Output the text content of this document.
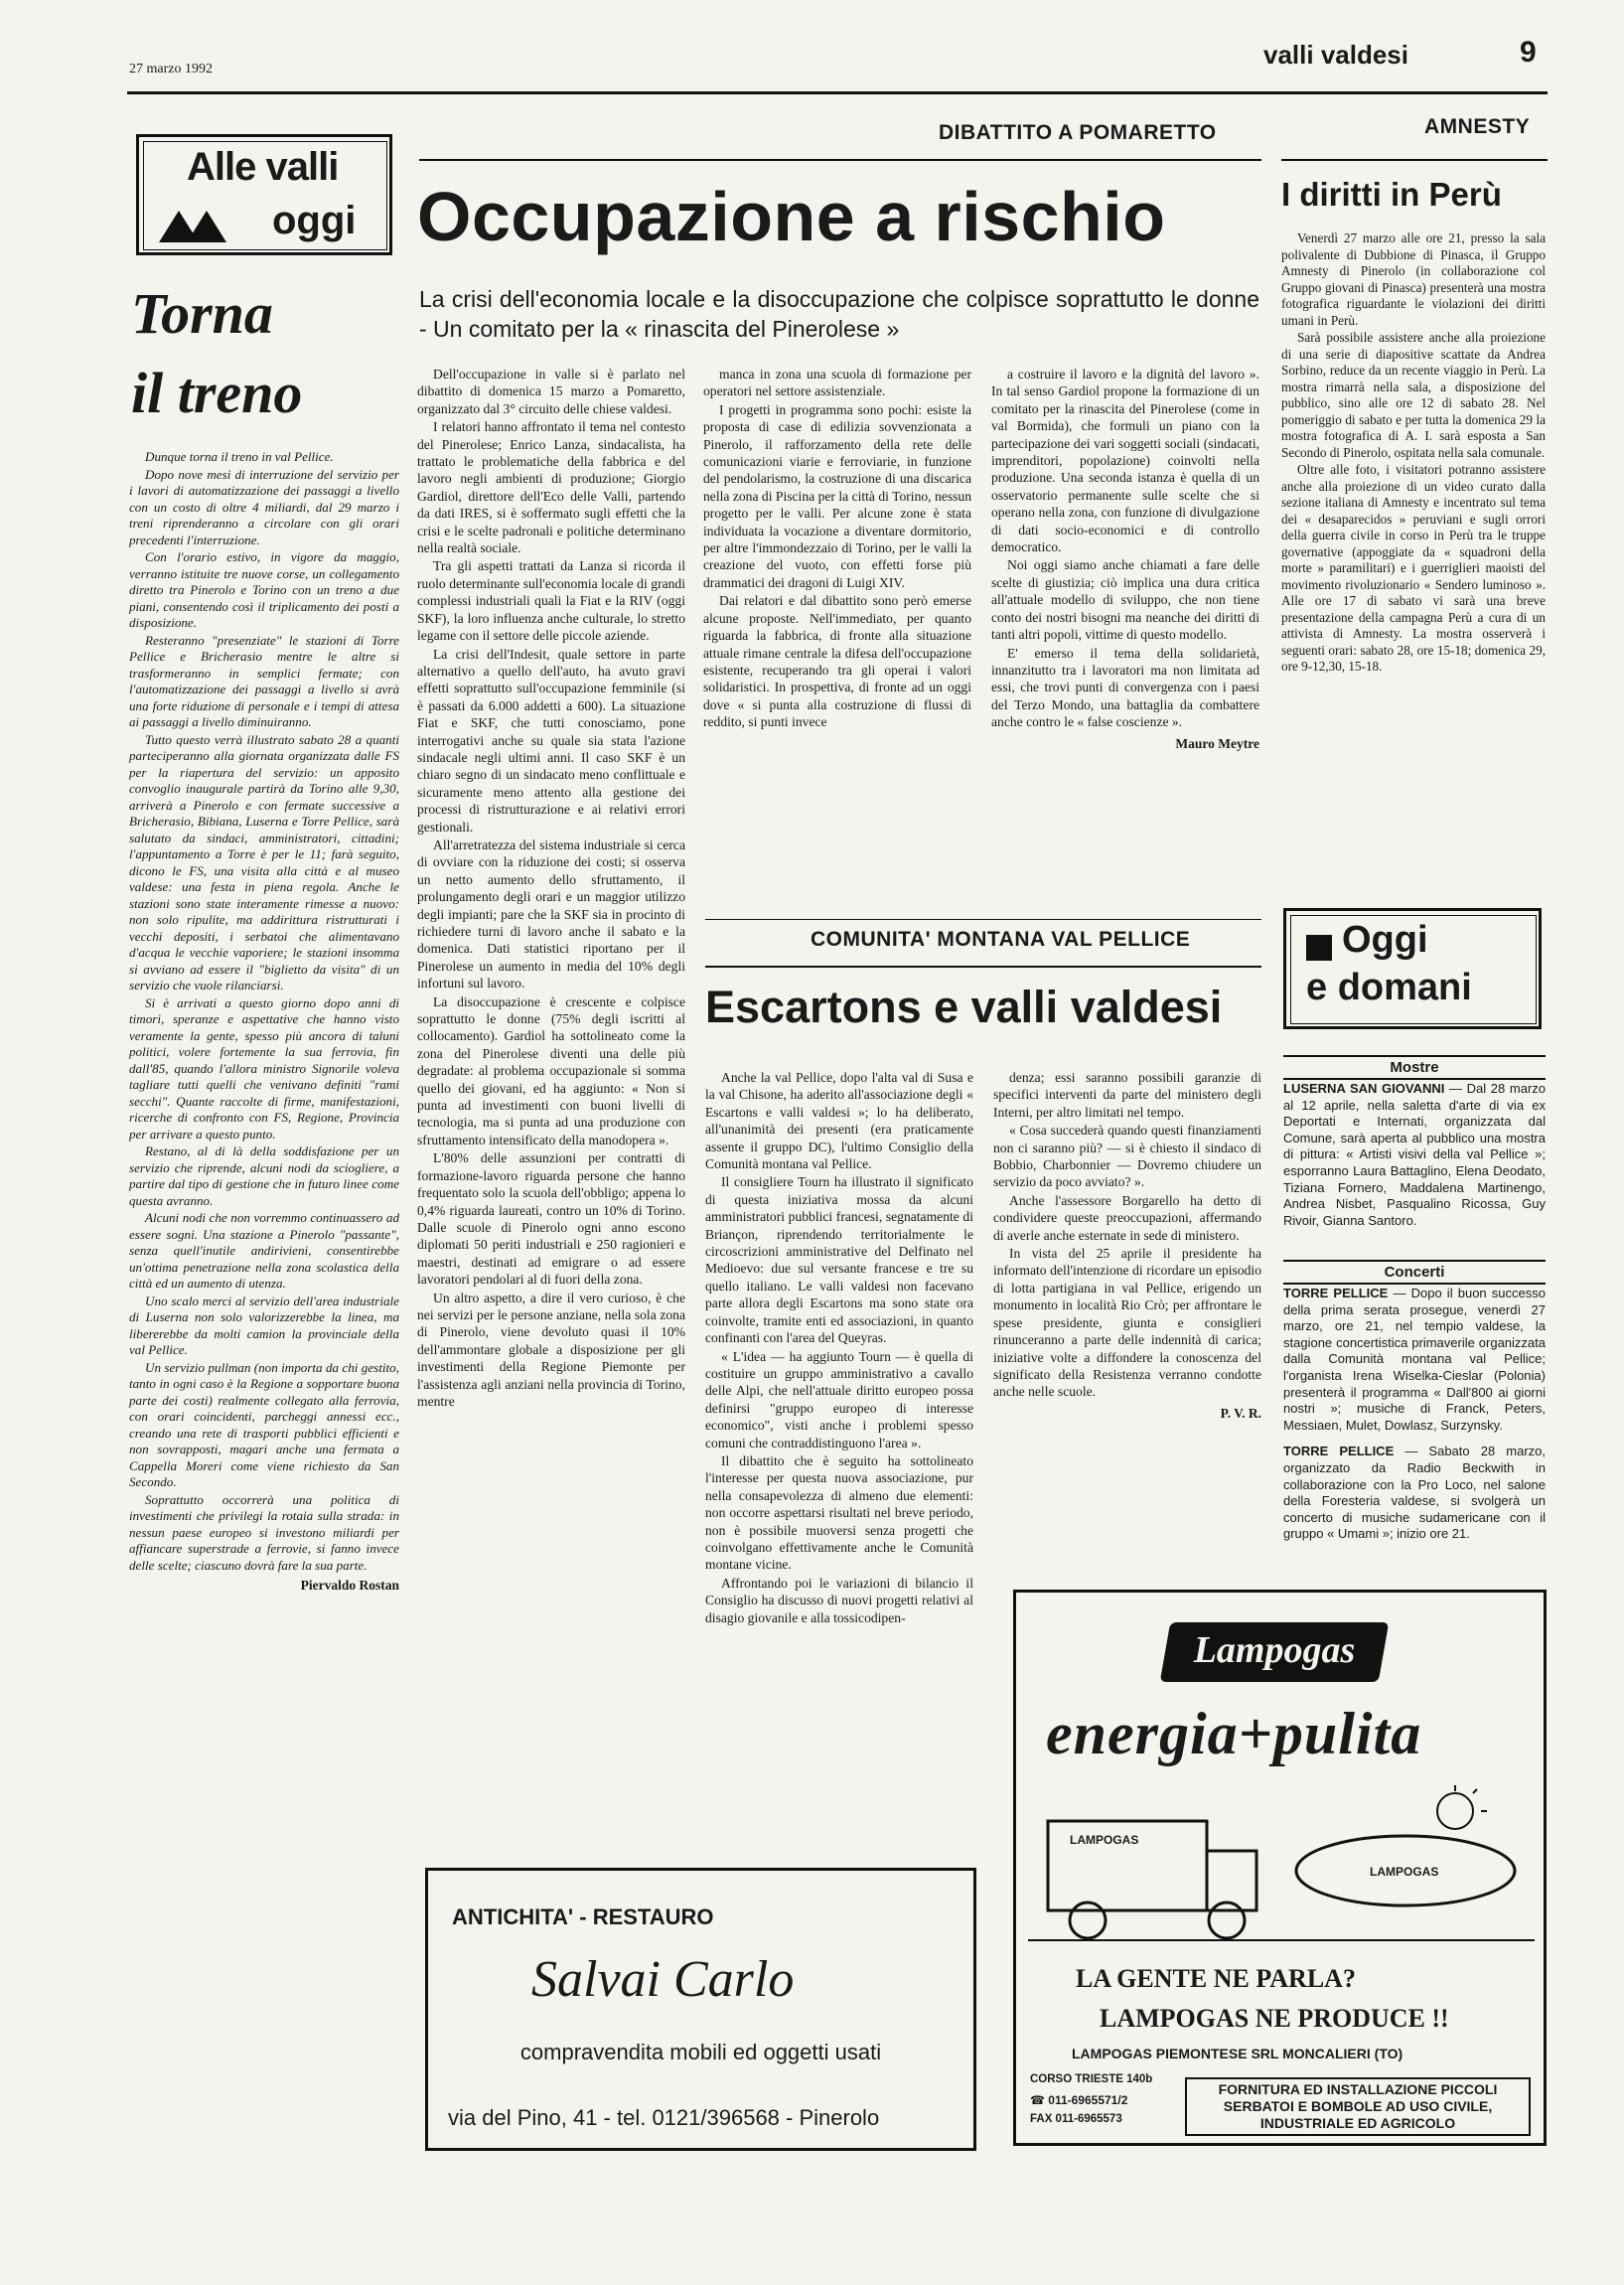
27 marzo 1992	valli valdesi	9
Alle valli
oggi
Torna
il treno

Dunque torna il treno in val Pellice.

Dopo nove mesi di interruzione del servizio per i lavori di automatizzazione dei passaggi a livello con un costo di oltre 4 miliardi, dal 29 marzo i treni riprenderanno a circolare con gli orari precedenti l'interruzione.

Con l'orario estivo, in vigore da maggio, verranno istituite tre nuove corse, un collegamento diretto tra Pinerolo e Torino con un treno a due piani, consentendo così il triplicamento dei posti a disposizione.

Resteranno "presenziate" le stazioni di Torre Pellice e Bricherasio mentre le altre si trasformeranno in semplici fermate; con l'automatizzazione dei passaggi a livello si avrà una forte riduzione di personale e i tempi di attesa ai passaggi a livello diminuiranno.

Tutto questo verrà illustrato sabato 28 a quanti parteciperanno alla giornata organizzata dalle FS per la riapertura del servizio: un apposito convoglio inaugurale partirà da Torino alle 9,30, arriverà a Pinerolo e con fermate successive a Bricherasio, Bibiana, Luserna e Torre Pellice, sarà salutato da sindaci, amministratori, cittadini; l'appuntamento a Torre è per le 11; farà seguito, dicono le FS, una visita alla città e al museo valdese: una festa in piena regola. Anche le stazioni sono state interamente rimesse a nuovo: non solo ripulite, ma addirittura ristrutturati i vecchi depositi, i serbatoi che alimentavano d'acqua le vecchie vaporiere; le stazioni insomma si avviano ad essere il "biglietto da visita" di un servizio che vuole rilanciarsi.

Si è arrivati a questo giorno dopo anni di timori, speranze e aspettative che hanno visto veramente la gente, spesso più ancora di taluni politici, volere fortemente la sua ferrovia, fin dall'85, quando l'allora ministro Signorile voleva tagliare tutti quelli che venivano definiti "rami secchi". Quante raccolte di firme, manifestazioni, ricerche di confronto con FS, Regione, Provincia per arrivare a questo punto.

Restano, al di là della soddisfazione per un servizio che riprende, alcuni nodi da sciogliere, a partire dal tipo di gestione che in futuro linee come questa avranno.

Alcuni nodi che non vorremmo continuassero ad essere sogni. Una stazione a Pinerolo "passante", senza quell'inutile andirivieni, consentirebbe un'ottima penetrazione nella zona scolastica della città ed un aumento di utenza.

Uno scalo merci al servizio dell'area industriale di Luserna non solo valorizzerebbe la linea, ma libererebbe da molti camion la provinciale della val Pellice.

Un servizio pullman (non importa da chi gestito, tanto in ogni caso è la Regione a sopportare buona parte dei costi) realmente collegato alla ferrovia, con orari coincidenti, parcheggi annessi ecc., creando una rete di trasporti pubblici efficienti e non sovrapposti, magari anche una fermata a Cappella Moreri come viene richiesto da San Secondo.

Soprattutto occorrerà una politica di investimenti che privilegi la rotaia sulla strada: in nessun paese europeo si investono miliardi per affiancare superstrade a ferrovie, si fanno invece delle scelte; ciascuno dovrà fare la sua parte.

Piervaldo Rostan
DIBATTITO A POMARETTO
Occupazione a rischio
La crisi dell'economia locale e la disoccupazione che colpisce soprattutto le donne - Un comitato per la « rinascita del Pinerolese »

Dell'occupazione in valle si è parlato nel dibattito di domenica 15 marzo a Pomaretto, organizzato dal 3° circuito delle chiese valdesi.

I relatori hanno affrontato il tema nel contesto del Pinerolese; Enrico Lanza, sindacalista, ha trattato le problematiche della fabbrica e del lavoro negli ambienti di produzione; Giorgio Gardiol, direttore dell'Eco delle Valli, partendo da dati IRES, si è soffermato sugli effetti che la crisi e le scelte padronali e politiche determinano nella realtà sociale.

Tra gli aspetti trattati da Lanza si ricorda il ruolo determinante sull'economia locale di grandi complessi industriali quali la Fiat e la RIV (oggi SKF), la loro influenza anche culturale, lo stretto legame con il settore delle piccole aziende.

La crisi dell'Indesit, quale settore in parte alternativo a quello dell'auto, ha avuto gravi effetti soprattutto sull'occupazione femminile (si è passati da 6.000 addetti a 600). La situazione Fiat e SKF, che tutti conosciamo, pone interrogativi anche su quale sia stata l'azione sindacale negli ultimi anni. Il caso SKF è un chiaro segno di un sindacato meno conflittuale e sicuramente meno attento alla gestione dei processi di ristrutturazione e ai relativi errori gestionali.

All'arretratezza del sistema industriale si cerca di ovviare con la riduzione dei costi; si osserva un netto aumento dello sfruttamento, il prolungamento degli orari e un maggior utilizzo degli impianti; pare che la SKF sia in procinto di richiedere turni di lavoro anche il sabato e la domenica. Dati statistici riportano per il Pinerolese un aumento in media del 10% degli infortuni sul lavoro.

La disoccupazione è crescente e colpisce soprattutto le donne (75% degli iscritti al collocamento). Gardiol ha sottolineato come la zona del Pinerolese diventi una delle più degradate: al problema occupazionale si somma quello dei giovani, ed ha aggiunto: « Non si punta ad investimenti con buoni livelli di tecnologia, ma si punta ad una produzione con sfruttamento intensificato della manodopera ».

L'80% delle assunzioni per contratti di formazione-lavoro riguarda persone che hanno frequentato solo la scuola dell'obbligo; appena lo 0,4% riguarda laureati, contro un 10% di Torino. Dalle scuole di Pinerolo ogni anno escono diplomati 50 periti industriali e 250 ragionieri e maestri, destinati ad emigrare o ad essere lavoratori pendolari al di fuori della zona.

Un altro aspetto, a dire il vero curioso, è che nei servizi per le persone anziane, nella sola zona di Pinerolo, viene devoluto quasi il 10% dell'ammontare globale a disposizione per gli investimenti della Regione Piemonte per l'assistenza agli anziani nella provincia di Torino, mentre

manca in zona una scuola di formazione per operatori nel settore assistenziale.

I progetti in programma sono pochi: esiste la proposta di case di edilizia sovvenzionata a Pinerolo, il rafforzamento della rete delle comunicazioni viarie e ferroviarie, in funzione del pendolarismo, la costruzione di una discarica nella zona di Piscina per la città di Torino, nessun progetto per le valli. Per alcune zone è stata individuata la vocazione a diventare dormitorio, per altre l'immondezzaio di Torino, per le valli la creazione del vuoto, con effetti forse più drammatici dei dragoni di Luigi XIV.

Dai relatori e dal dibattito sono però emerse alcune proposte. Nell'immediato, per quanto riguarda la fabbrica, di fronte alla situazione attuale rimane centrale la difesa dell'occupazione esistente, recuperando tra gli operai i valori solidaristici. In prospettiva, di fronte ad un oggi dove « si punta alla costruzione di flussi di reddito, si punti invece

a costruire il lavoro e la dignità del lavoro ». In tal senso Gardiol propone la formazione di un comitato per la rinascita del Pinerolese (come in val Bormida), che formuli un piano con la partecipazione dei vari soggetti sociali (sindacati, imprenditori, popolazione) coinvolti nella produzione. Una seconda istanza è quella di un osservatorio permanente sulle scelte che si operano nella zona, con funzione di divulgazione di dati socio-economici e di controllo democratico.

Noi oggi siamo anche chiamati a fare delle scelte di giustizia; ciò implica una dura critica all'attuale modello di sviluppo, che non tiene conto dei nostri bisogni ma neanche dei diritti di tanti altri popoli, vittime di questo modello.

E' emerso il tema della solidarietà, innanzitutto tra i lavoratori ma non limitata ad essi, che trovi punti di convergenza con i paesi del Terzo Mondo, una battaglia da combattere anche contro le « false coscienze ».

Mauro Meytre
COMUNITA' MONTANA VAL PELLICE
Escartons e valli valdesi

Anche la val Pellice, dopo l'alta val di Susa e la val Chisone, ha aderito all'associazione degli « Escartons e valli valdesi »; lo ha deliberato, all'unanimità dei presenti (era praticamente assente il gruppo DC), l'ultimo Consiglio della Comunità montana val Pellice.

Il consigliere Tourn ha illustrato il significato di questa iniziativa mossa da alcuni amministratori pubblici francesi, segnatamente di Briançon, riprendendo territorialmente le circoscrizioni amministrative del Delfinato nel Medioevo: due sul versante francese e tre su quello italiano. Le valli valdesi non facevano parte allora degli Escartons ma sono state ora coinvolte, tramite enti ed associazioni, in quanto confinanti con l'area del Queyras.

« L'idea — ha aggiunto Tourn — è quella di costituire un gruppo amministrativo a cavallo delle Alpi, che nell'attuale diritto europeo possa definirsi "gruppo europeo di interesse economico", visti anche i problemi spesso comuni che contraddistinguono l'area ».

Il dibattito che è seguito ha sottolineato l'interesse per questa nuova associazione, pur nella consapevolezza di almeno due elementi: non occorre aspettarsi risultati nel breve periodo, non è possibile muoversi senza progetti che coinvolgano effettivamente anche le Comunità montane vicine.

Affrontando poi le variazioni di bilancio il Consiglio ha discusso di nuovi progetti relativi al disagio giovanile e alla tossicodipen-

denza; essi saranno possibili garanzie di specifici interventi da parte del ministero degli Interni, per altro limitati nel tempo.

« Cosa succederà quando questi finanziamenti non ci saranno più? — si è chiesto il sindaco di Bobbio, Charbonnier — Dovremo chiudere un servizio da poco avviato? ».

Anche l'assessore Borgarello ha detto di condividere queste preoccupazioni, affermando di averle anche esternate in sede di ministero.

In vista del 25 aprile il presidente ha informato dell'intenzione di ricordare un episodio di lotta partigiana in val Pellice, erigendo un monumento in località Rio Crò; per affrontare le spese presidente, giunta e consiglieri rinunceranno a parte delle indennità di carica; iniziative volte a diffondere la conoscenza del significato della Resistenza verranno condotte anche nelle scuole.

P. V. R.
AMNESTY
I diritti in Perù

Venerdì 27 marzo alle ore 21, presso la sala polivalente di Dubbione di Pinasca, il Gruppo Amnesty di Pinerolo (in collaborazione col Gruppo giovani di Pinasca) presenterà una mostra fotografica riguardante le violazioni dei diritti umani in Perù.

Sarà possibile assistere anche alla proiezione di una serie di diapositive scattate da Andrea Sorbino, reduce da un recente viaggio in Perù. La mostra rimarrà nella sala, a disposizione del pubblico, sino alle ore 12 di sabato 28. Nel pomeriggio di sabato e per tutta la domenica 29 la mostra fotografica di A. I. sarà esposta a San Secondo di Pinerolo, ospitata nella sala comunale.

Oltre alle foto, i visitatori potranno assistere anche alla proiezione di un video curato dalla sezione italiana di Amnesty e incentrato sul tema dei « desaparecidos » peruviani e sugli orrori della guerra civile in corso in Perù tra le truppe governative (appoggiate da « squadroni della morte » paramilitari) e i guerriglieri maoisti del movimento rivoluzionario « Sendero luminoso ». Alle ore 17 di sabato vi sarà una breve presentazione della campagna Perù a cura di un attivista di Amnesty. La mostra osserverà i seguenti orari: sabato 28, ore 15-18; domenica 29, ore 9-12,30, 15-18.

Oggi
e domani
Mostre

LUSERNA SAN GIOVANNI — Dal 28 marzo al 12 aprile, nella saletta d'arte di via ex Deportati e Internati, organizzata dal Comune, sarà aperta al pubblico una mostra di pittura: « Artisti visivi della val Pellice »; esporranno Laura Battaglino, Elena Deodato, Tiziana Fornero, Maddalena Martinengo, Andrea Nisbet, Pasqualino Ricossa, Guy Rivoir, Gianna Santoro.

Concerti

TORRE PELLICE — Dopo il buon successo della prima serata prosegue, venerdì 27 marzo, ore 21, nel tempio valdese, la stagione concertistica primaverile organizzata dalla Comunità montana val Pellice; l'organista Irena Wiselka-Cieslar (Polonia) presenterà il programma « Dall'800 ai giorni nostri »; musiche di Franck, Peters, Messiaen, Mulet, Dowlasz, Surzynsky.

TORRE PELLICE — Sabato 28 marzo, organizzato da Radio Beckwith in collaborazione con la Pro Loco, nel salone della Foresteria valdese, si svolgerà un concerto di musiche sudamericane con il gruppo « Umami »; inizio ore 21.

ANTICHITA' - RESTAURO
Salvai Carlo
compravendita mobili ed oggetti usati
via del Pino, 41 - tel. 0121/396568 - Pinerolo
Lampogas
energia+pulita
LAMPOGAS
LAMPOGAS
LA GENTE NE PARLA?
LAMPOGAS NE PRODUCE !!
LAMPOGAS PIEMONTESE SRL MONCALIERI (TO)
CORSO TRIESTE 140b
☎ 011-6965571/2
FAX 011-6965573
FORNITURA ED INSTALLAZIONE PICCOLI SERBATOI E BOMBOLE AD USO CIVILE, INDUSTRIALE ED AGRICOLO
